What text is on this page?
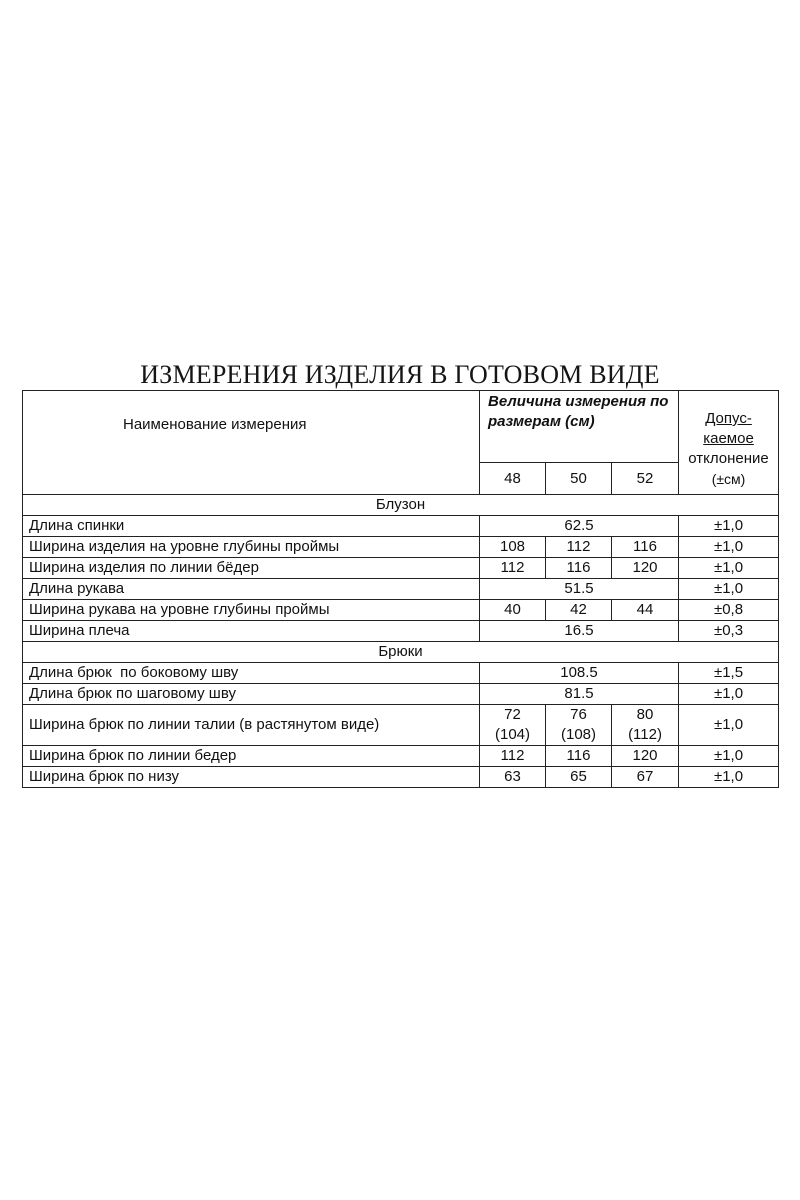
ИЗМЕРЕНИЯ ИЗДЕЛИЯ В ГОТОВОМ ВИДЕ
Наименование измерения	Величина измерения по размерам (см)			Допус-
каемое
отклонение
(±см)
	48	50	52	
Блузон				
Длина спинки	62.5			±1,0
Ширина изделия на уровне глубины проймы	108	112	116	±1,0
Ширина изделия по линии бёдер	112	116	120	±1,0
Длина рукава	51.5			±1,0
Ширина рукава на уровне глубины проймы	40	42	44	±0,8
Ширина плеча	16.5			±0,3
Брюки				
Длина брюк  по боковому шву	108.5			±1,5
Длина брюк по шаговому шву	81.5			±1,0
Ширина брюк по линии талии (в растянутом виде)	72 (104)	76 (108)	80 (112)	±1,0
Ширина брюк по линии бедер	112	116	120	±1,0
Ширина брюк по низу	63	65	67	±1,0
